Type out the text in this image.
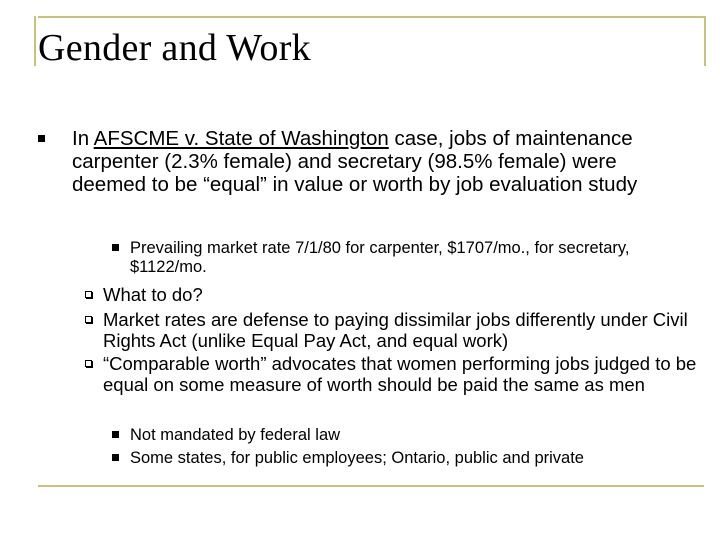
Gender and Work
In AFSCME v. State of Washington case, jobs of maintenance carpenter (2.3% female) and secretary (98.5% female) were deemed to be “equal” in value or worth by job evaluation study
Prevailing market rate 7/1/80 for carpenter, $1707/mo., for secretary, $1122/mo.
What to do?
Market rates are defense to paying dissimilar jobs differently under Civil Rights Act (unlike Equal Pay Act, and equal work)
“Comparable worth” advocates that women performing jobs judged to be equal on some measure of worth should be paid the same as men
Not mandated by federal law
Some states, for public employees; Ontario, public and private
